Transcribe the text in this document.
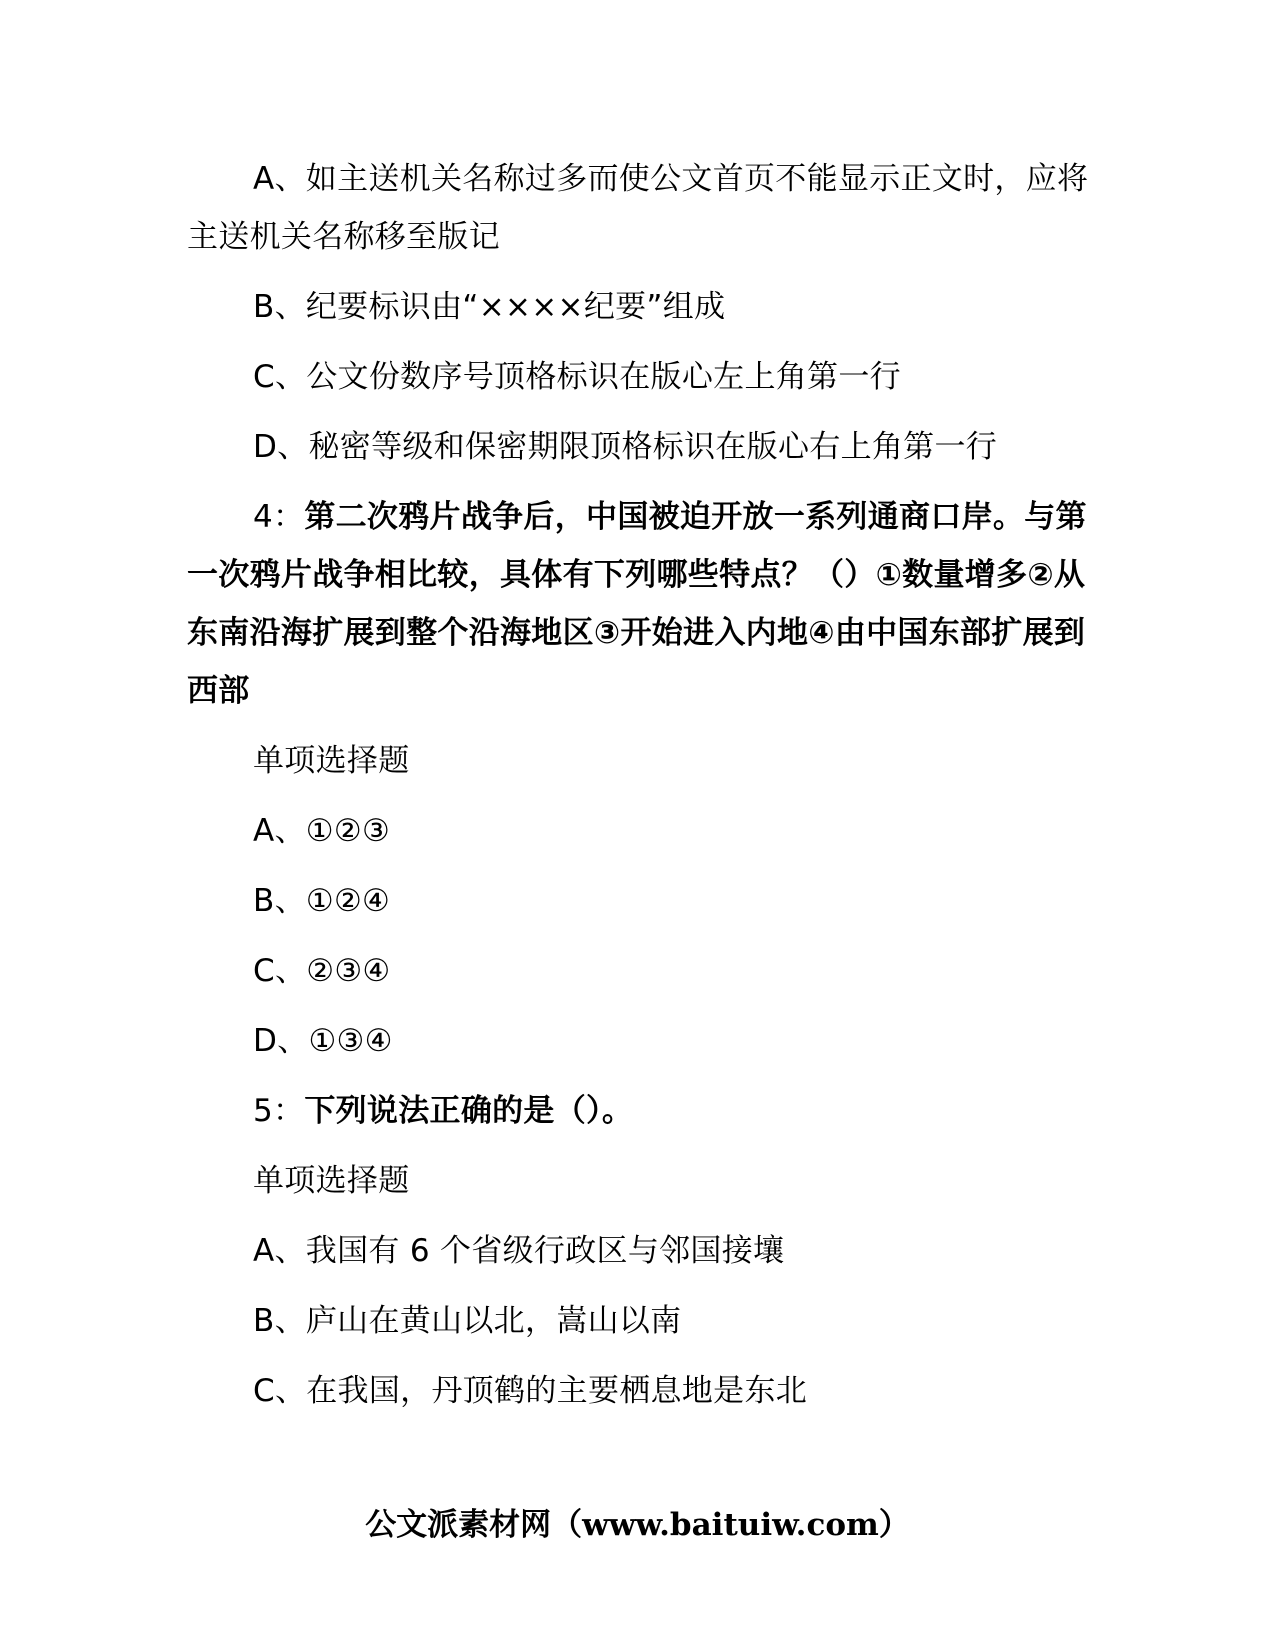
A、如主送机关名称过多而使公文首页不能显示正文时，应将主送机关名称移至版记

B、纪要标识由“××××纪要”组成

C、公文份数序号顶格标识在版心左上角第一行

D、秘密等级和保密期限顶格标识在版心右上角第一行

4：第二次鸦片战争后，中国被迫开放一系列通商口岸。与第一次鸦片战争相比较，具体有下列哪些特点？（）①数量增多②从东南沿海扩展到整个沿海地区③开始进入内地④由中国东部扩展到西部

单项选择题

A、①②③

B、①②④

C、②③④

D、①③④

5：下列说法正确的是（）。

单项选择题

A、我国有 6 个省级行政区与邻国接壤

B、庐山在黄山以北，嵩山以南

C、在我国，丹顶鹤的主要栖息地是东北

公文派素材网（www.baituiw.com）
